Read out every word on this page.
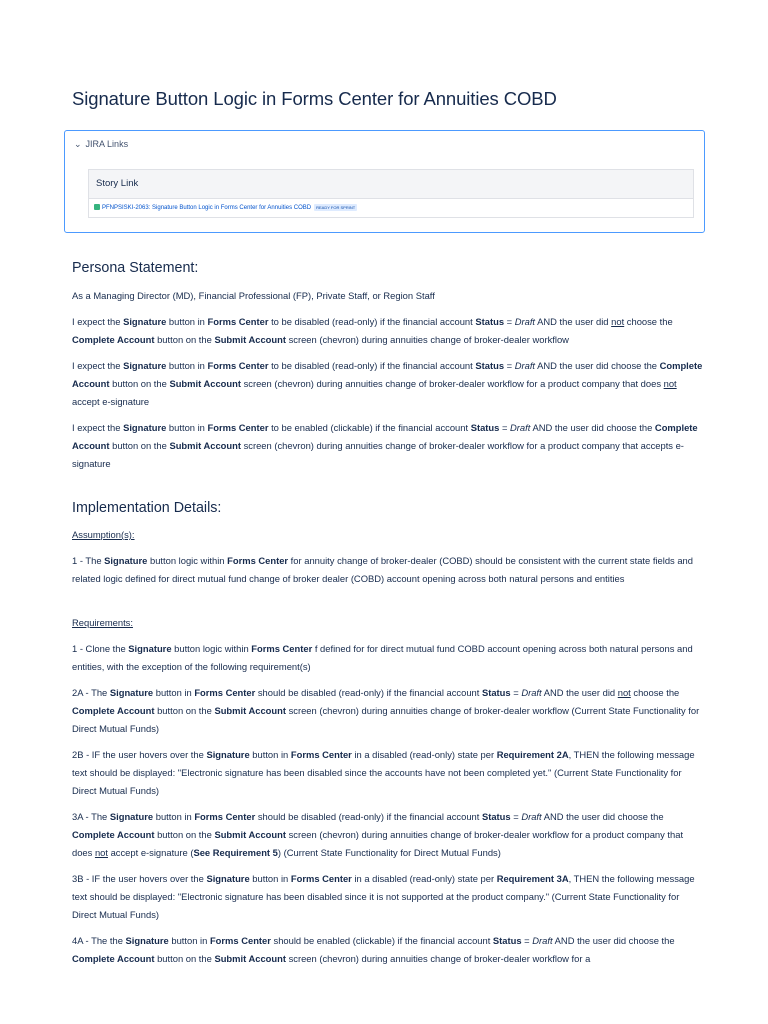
Signature Button Logic in Forms Center for Annuities COBD
⌄ JIRA Links
Story Link
PFNPSISKI-2063: Signature Button Logic in Forms Center for Annuities COBD READY FOR SPRINT
Persona Statement:

As a Managing Director (MD), Financial Professional (FP), Private Staff, or Region Staff

I expect the Signature button in Forms Center to be disabled (read-only) if the financial account Status = Draft AND the user did not choose the Complete Account button on the Submit Account screen (chevron) during annuities change of broker-dealer workflow

I expect the Signature button in Forms Center to be disabled (read-only) if the financial account Status = Draft AND the user did choose the Complete Account button on the Submit Account screen (chevron) during annuities change of broker-dealer workflow for a product company that does not accept e-signature

I expect the Signature button in Forms Center to be enabled (clickable) if the financial account Status = Draft AND the user did choose the Complete Account button on the Submit Account screen (chevron) during annuities change of broker-dealer workflow for a product company that accepts e-signature

Implementation Details:

Assumption(s):

1 - The Signature button logic within Forms Center for annuity change of broker-dealer (COBD) should be consistent with the current state fields and related logic defined for direct mutual fund change of broker dealer (COBD) account opening across both natural persons and entities

Requirements:

1 - Clone the Signature button logic within Forms Center f defined for for direct mutual fund COBD account opening across both natural persons and entities, with the exception of the following requirement(s)

2A - The Signature button in Forms Center should be disabled (read-only) if the financial account Status = Draft AND the user did not choose the Complete Account button on the Submit Account screen (chevron) during annuities change of broker-dealer workflow (Current State Functionality for Direct Mutual Funds)

2B - IF the user hovers over the Signature button in Forms Center in a disabled (read-only) state per Requirement 2A, THEN the following message text should be displayed: "Electronic signature has been disabled since the accounts have not been completed yet." (Current State Functionality for Direct Mutual Funds)

3A - The Signature button in Forms Center should be disabled (read-only) if the financial account Status = Draft AND the user did choose the Complete Account button on the Submit Account screen (chevron) during annuities change of broker-dealer workflow for a product company that does not accept e-signature (See Requirement 5) (Current State Functionality for Direct Mutual Funds)

3B - IF the user hovers over the Signature button in Forms Center in a disabled (read-only) state per Requirement 3A, THEN the following message text should be displayed: "Electronic signature has been disabled since it is not supported at the product company." (Current State Functionality for Direct Mutual Funds)

4A - The the Signature button in Forms Center should be enabled (clickable) if the financial account Status = Draft AND the user did choose the Complete Account button on the Submit Account screen (chevron) during annuities change of broker-dealer workflow for a
